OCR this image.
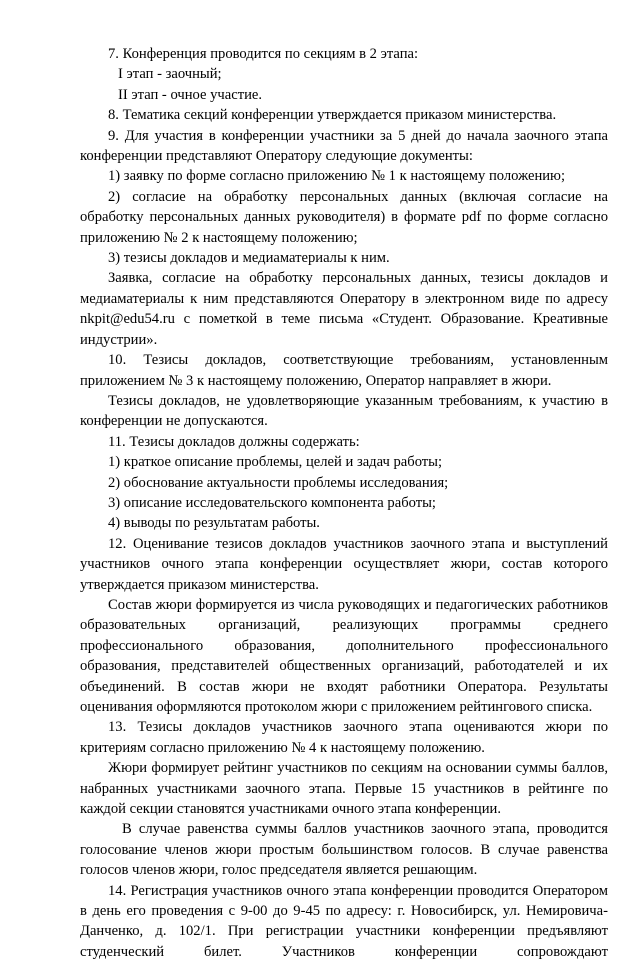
7. Конференция проводится по секциям в 2 этапа:

I этап - заочный;

II этап - очное участие.

8. Тематика секций конференции утверждается приказом министерства.

9. Для участия в конференции участники за 5 дней до начала заочного этапа конференции представляют Оператору следующие документы:

1) заявку по форме согласно приложению № 1 к настоящему положению;

2) согласие на обработку персональных данных (включая согласие на обработку персональных данных руководителя) в формате pdf по форме согласно приложению № 2 к настоящему положению;

3) тезисы докладов и медиаматериалы к ним.

Заявка, согласие на обработку персональных данных, тезисы докладов и медиаматериалы к ним представляются Оператору в электронном виде по адресу nkpit@edu54.ru с пометкой в теме письма «Студент. Образование. Креативные индустрии».

10. Тезисы докладов, соответствующие требованиям, установленным приложением № 3 к настоящему положению, Оператор направляет в жюри.

Тезисы докладов, не удовлетворяющие указанным требованиям, к участию в конференции не допускаются.

11. Тезисы докладов должны содержать:

1) краткое описание проблемы, целей и задач работы;

2) обоснование актуальности проблемы исследования;

3) описание исследовательского компонента работы;

4) выводы по результатам работы.

12. Оценивание тезисов докладов участников заочного этапа и выступлений участников очного этапа конференции осуществляет жюри, состав которого утверждается приказом министерства.

Состав жюри формируется из числа руководящих и педагогических работников образовательных организаций, реализующих программы среднего профессионального образования, дополнительного профессионального образования, представителей общественных организаций, работодателей и их объединений. В состав жюри не входят работники Оператора. Результаты оценивания оформляются протоколом жюри с приложением рейтингового списка.

13. Тезисы докладов участников заочного этапа оцениваются жюри по критериям согласно приложению № 4 к настоящему положению.

Жюри формирует рейтинг участников по секциям на основании суммы баллов, набранных участниками заочного этапа. Первые 15 участников в рейтинге по каждой секции становятся участниками очного этапа конференции.

В случае равенства суммы баллов участников заочного этапа, проводится голосование членов жюри простым большинством голосов. В случае равенства голосов членов жюри, голос председателя является решающим.

14. Регистрация участников очного этапа конференции проводится Оператором в день его проведения с 9-00 до 9-45 по адресу: г. Новосибирск, ул. Немировича-Данченко, д. 102/1. При регистрации участники конференции предъявляют студенческий билет. Участников конференции сопровождают
